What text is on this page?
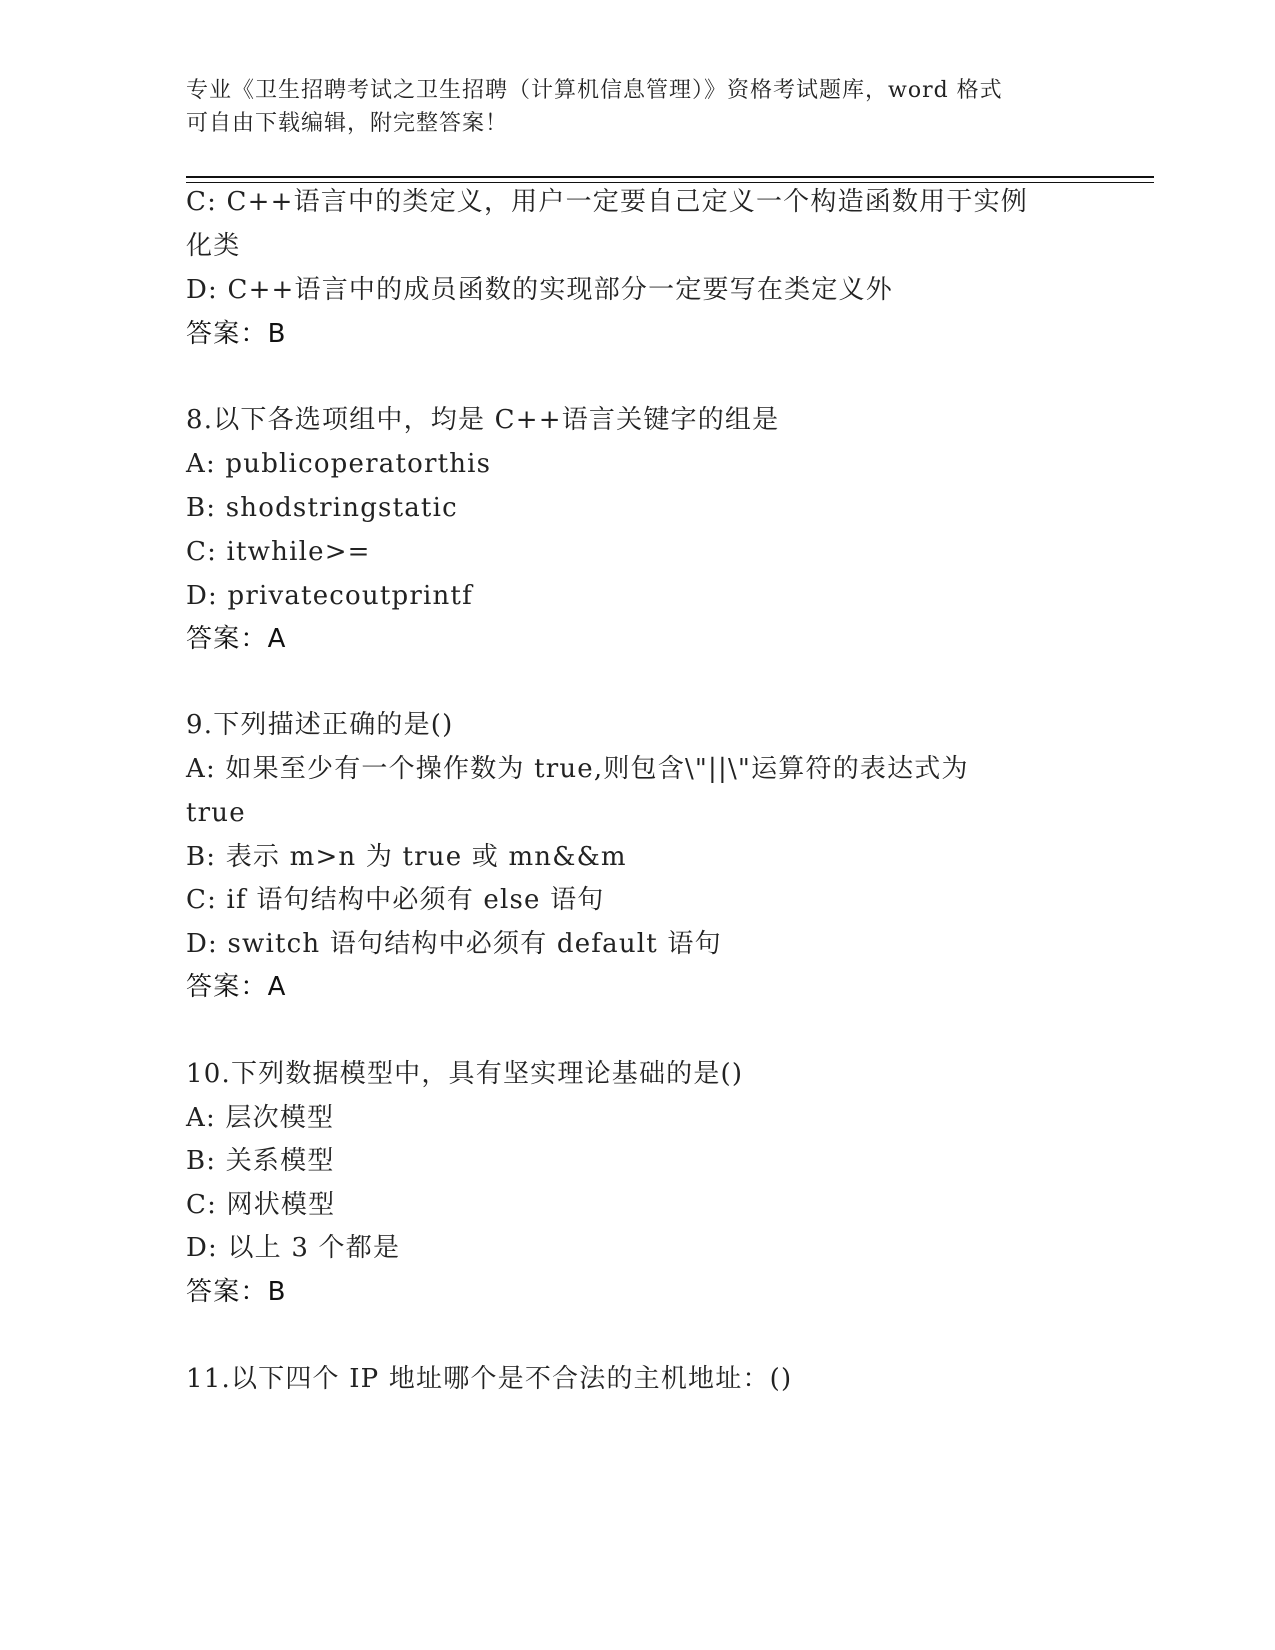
专业《卫生招聘考试之卫生招聘（计算机信息管理）》资格考试题库，word 格式
可自由下载编辑，附完整答案！
C: C++语言中的类定义，用户一定要自己定义一个构造函数用于实例
化类
D: C++语言中的成员函数的实现部分一定要写在类定义外
答案：B
8.以下各选项组中，均是 C++语言关键字的组是
A: publicoperatorthis
B: shodstringstatic
C: itwhile>=
D: privatecoutprintf
答案：A
9.下列描述正确的是()
A: 如果至少有一个操作数为 true,则包含\"||\"运算符的表达式为
true
B: 表示 m>n 为 true 或 mn&&m
C: if 语句结构中必须有 else 语句
D: switch 语句结构中必须有 default 语句
答案：A
10.下列数据模型中，具有坚实理论基础的是()
A: 层次模型
B: 关系模型
C: 网状模型
D: 以上 3 个都是
答案：B
11.以下四个 IP 地址哪个是不合法的主机地址：()
